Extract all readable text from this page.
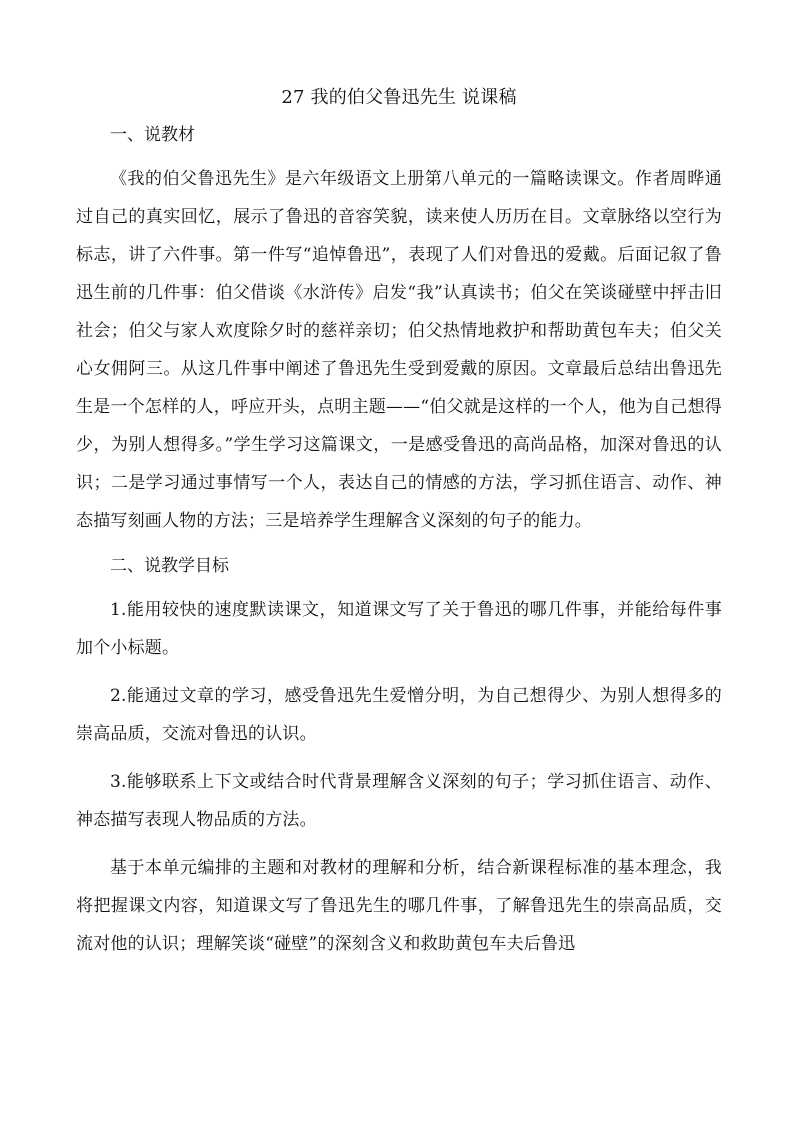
27 我的伯父鲁迅先生 说课稿
一、说教材

《我的伯父鲁迅先生》是六年级语文上册第八单元的一篇略读课文。作者周晔通过自己的真实回忆，展示了鲁迅的音容笑貌，读来使人历历在目。文章脉络以空行为标志，讲了六件事。第一件写“追悼鲁迅”，表现了人们对鲁迅的爱戴。后面记叙了鲁迅生前的几件事：伯父借谈《水浒传》启发“我”认真读书；伯父在笑谈碰壁中抨击旧社会；伯父与家人欢度除夕时的慈祥亲切；伯父热情地救护和帮助黄包车夫；伯父关心女佣阿三。从这几件事中阐述了鲁迅先生受到爱戴的原因。文章最后总结出鲁迅先生是一个怎样的人，呼应开头，点明主题——“伯父就是这样的一个人，他为自己想得少，为别人想得多。”学生学习这篇课文，一是感受鲁迅的高尚品格，加深对鲁迅的认识；二是学习通过事情写一个人，表达自己的情感的方法，学习抓住语言、动作、神态描写刻画人物的方法；三是培养学生理解含义深刻的句子的能力。

二、说教学目标

1.能用较快的速度默读课文，知道课文写了关于鲁迅的哪几件事，并能给每件事加个小标题。

2.能通过文章的学习，感受鲁迅先生爱憎分明，为自己想得少、为别人想得多的崇高品质，交流对鲁迅的认识。

3.能够联系上下文或结合时代背景理解含义深刻的句子；学习抓住语言、动作、神态描写表现人物品质的方法。

基于本单元编排的主题和对教材的理解和分析，结合新课程标准的基本理念，我将把握课文内容，知道课文写了鲁迅先生的哪几件事，了解鲁迅先生的崇高品质，交流对他的认识；理解笑谈“碰壁”的深刻含义和救助黄包车夫后鲁迅
